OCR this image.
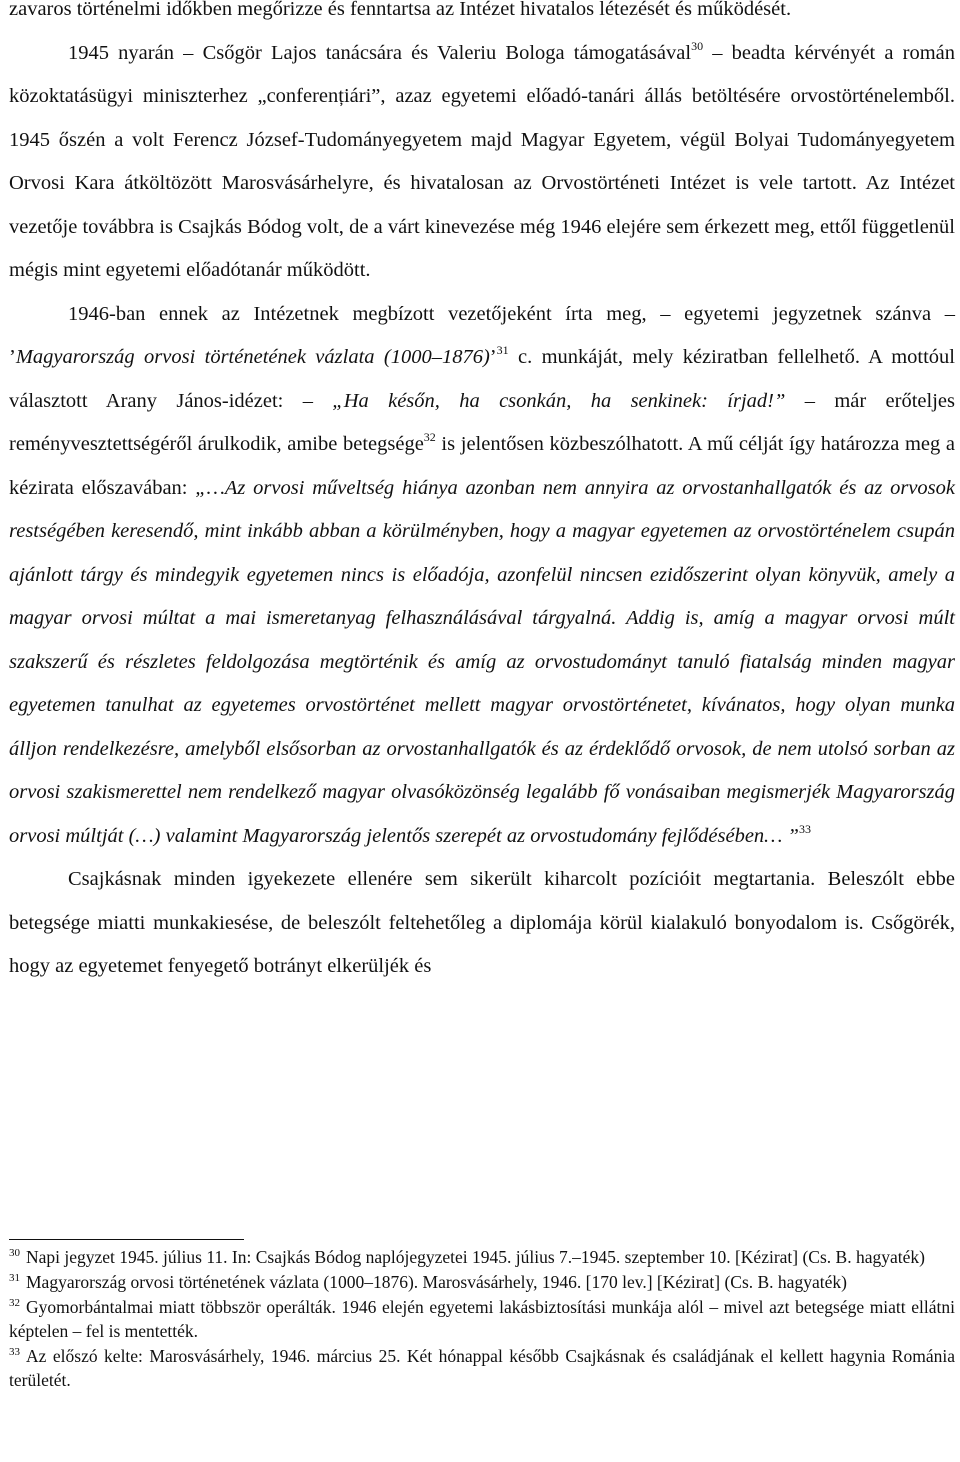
zavaros történelmi időkben megőrizze és fenntartsa az Intézet hivatalos létezését és működését.

1945 nyarán – Csőgör Lajos tanácsára és Valeriu Bologa támogatásával$^{30}$ – beadta kérvényét a román közoktatásügyi miniszterhez „conferențiári”, azaz egyetemi előadó-tanári állás betöltésére orvostörténelemből. 1945 őszén a volt Ferencz József-Tudományegyetem majd Magyar Egyetem, végül Bolyai Tudományegyetem Orvosi Kara átköltözött Marosvásárhelyre, és hivatalosan az Orvostörténeti Intézet is vele tartott. Az Intézet vezetője továbbra is Csajkás Bódog volt, de a várt kinevezése még 1946 elejére sem érkezett meg, ettől függetlenül mégis mint egyetemi előadótanár működött.

1946-ban ennek az Intézetnek megbízott vezetőjeként írta meg, – egyetemi jegyzetnek szánva – ’Magyarország orvosi történetének vázlata (1000–1876)’$^{31}$ c. munkáját, mely kéziratban fellelhető. A mottóul választott Arany János-idézet: – „Ha későn, ha csonkán, ha senkinek: írjad!” – már erőteljes reményvesztettségéről árulkodik, amibe betegsége$^{32}$ is jelentősen közbeszólhatott. A mű célját így határozza meg a kézirata előszavában: „…Az orvosi műveltség hiánya azonban nem annyira az orvostanhallgatók és az orvosok restségében keresendő, mint inkább abban a körülményben, hogy a magyar egyetemen az orvostörténelem csupán ajánlott tárgy és mindegyik egyetemen nincs is előadója, azonfelül nincsen ezidőszerint olyan könyvük, amely a magyar orvosi múltat a mai ismeretanyag felhasználásával tárgyalná. Addig is, amíg a magyar orvosi múlt szakszerű és részletes feldolgozása megtörténik és amíg az orvostudományt tanuló fiatalság minden magyar egyetemen tanulhat az egyetemes orvostörténet mellett magyar orvostörténetet, kívánatos, hogy olyan munka álljon rendelkezésre, amelyből elsősorban az orvostanhallgatók és az érdeklődő orvosok, de nem utolsó sorban az orvosi szakismerettel nem rendelkező magyar olvasóközönség legalább fő vonásaiban megismerjék Magyarország orvosi múltját (…) valamint Magyarország jelentős szerepét az orvostudomány fejlődésében… ”$^{33}$

Csajkásnak minden igyekezete ellenére sem sikerült kiharcolt pozícióit megtartania. Beleszólt ebbe betegsége miatti munkakiesése, de beleszólt feltehetőleg a diplomája körül kialakuló bonyodalom is. Csőgörék, hogy az egyetemet fenyegető botrányt elkerüljék és

$^{30}$ Napi jegyzet 1945. július 11. In: Csajkás Bódog naplójegyzetei 1945. július 7.–1945. szeptember 10. [Kézirat] (Cs. B. hagyaték)

$^{31}$ Magyarország orvosi történetének vázlata (1000–1876). Marosvásárhely, 1946. [170 lev.] [Kézirat] (Cs. B. hagyaték)

$^{32}$ Gyomorbántalmai miatt többször operálták. 1946 elején egyetemi lakásbiztosítási munkája alól – mivel azt betegsége miatt ellátni képtelen – fel is mentették.

$^{33}$ Az előszó kelte: Marosvásárhely, 1946. március 25. Két hónappal később Csajkásnak és családjának el kellett hagynia Románia területét.
